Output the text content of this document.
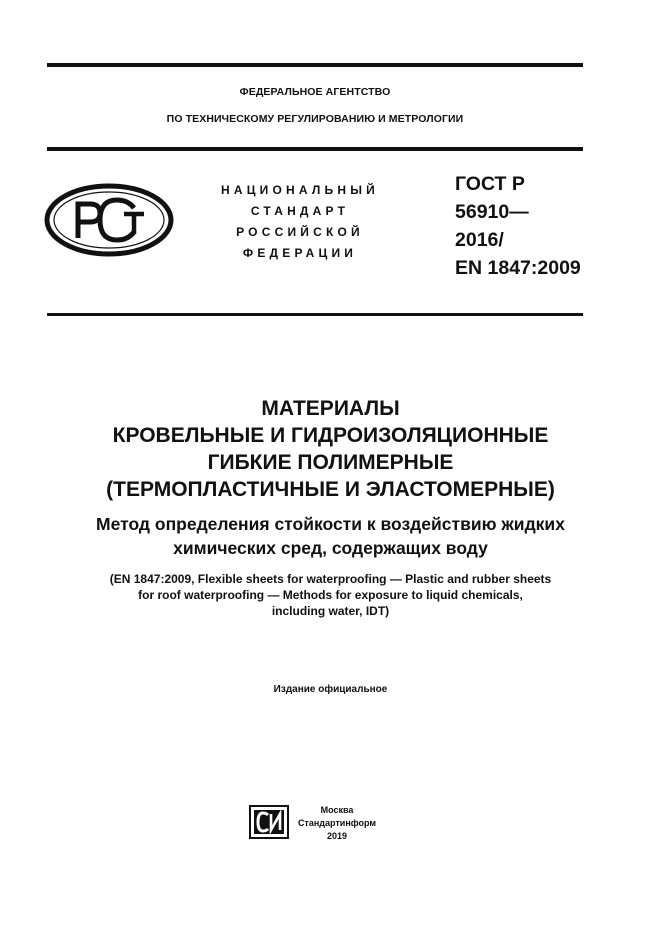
ФЕДЕРАЛЬНОЕ АГЕНТСТВО
ПО ТЕХНИЧЕСКОМУ РЕГУЛИРОВАНИЮ И МЕТРОЛОГИИ
НАЦИОНАЛЬНЫЙ
СТАНДАРТ
РОССИЙСКОЙ
ФЕДЕРАЦИИ
ГОСТ Р
56910—
2016/
EN 1847:2009
МАТЕРИАЛЫ
КРОВЕЛЬНЫЕ И ГИДРОИЗОЛЯЦИОННЫЕ
ГИБКИЕ ПОЛИМЕРНЫЕ
(ТЕРМОПЛАСТИЧНЫЕ И ЭЛАСТОМЕРНЫЕ)
Метод определения стойкости к воздействию жидких
химических сред, содержащих воду
(EN 1847:2009, Flexible sheets for waterproofing — Plastic and rubber sheets
for roof waterproofing — Methods for exposure to liquid chemicals,
including water, IDT)
Издание официальное
Москва
Стандартинформ
2019
